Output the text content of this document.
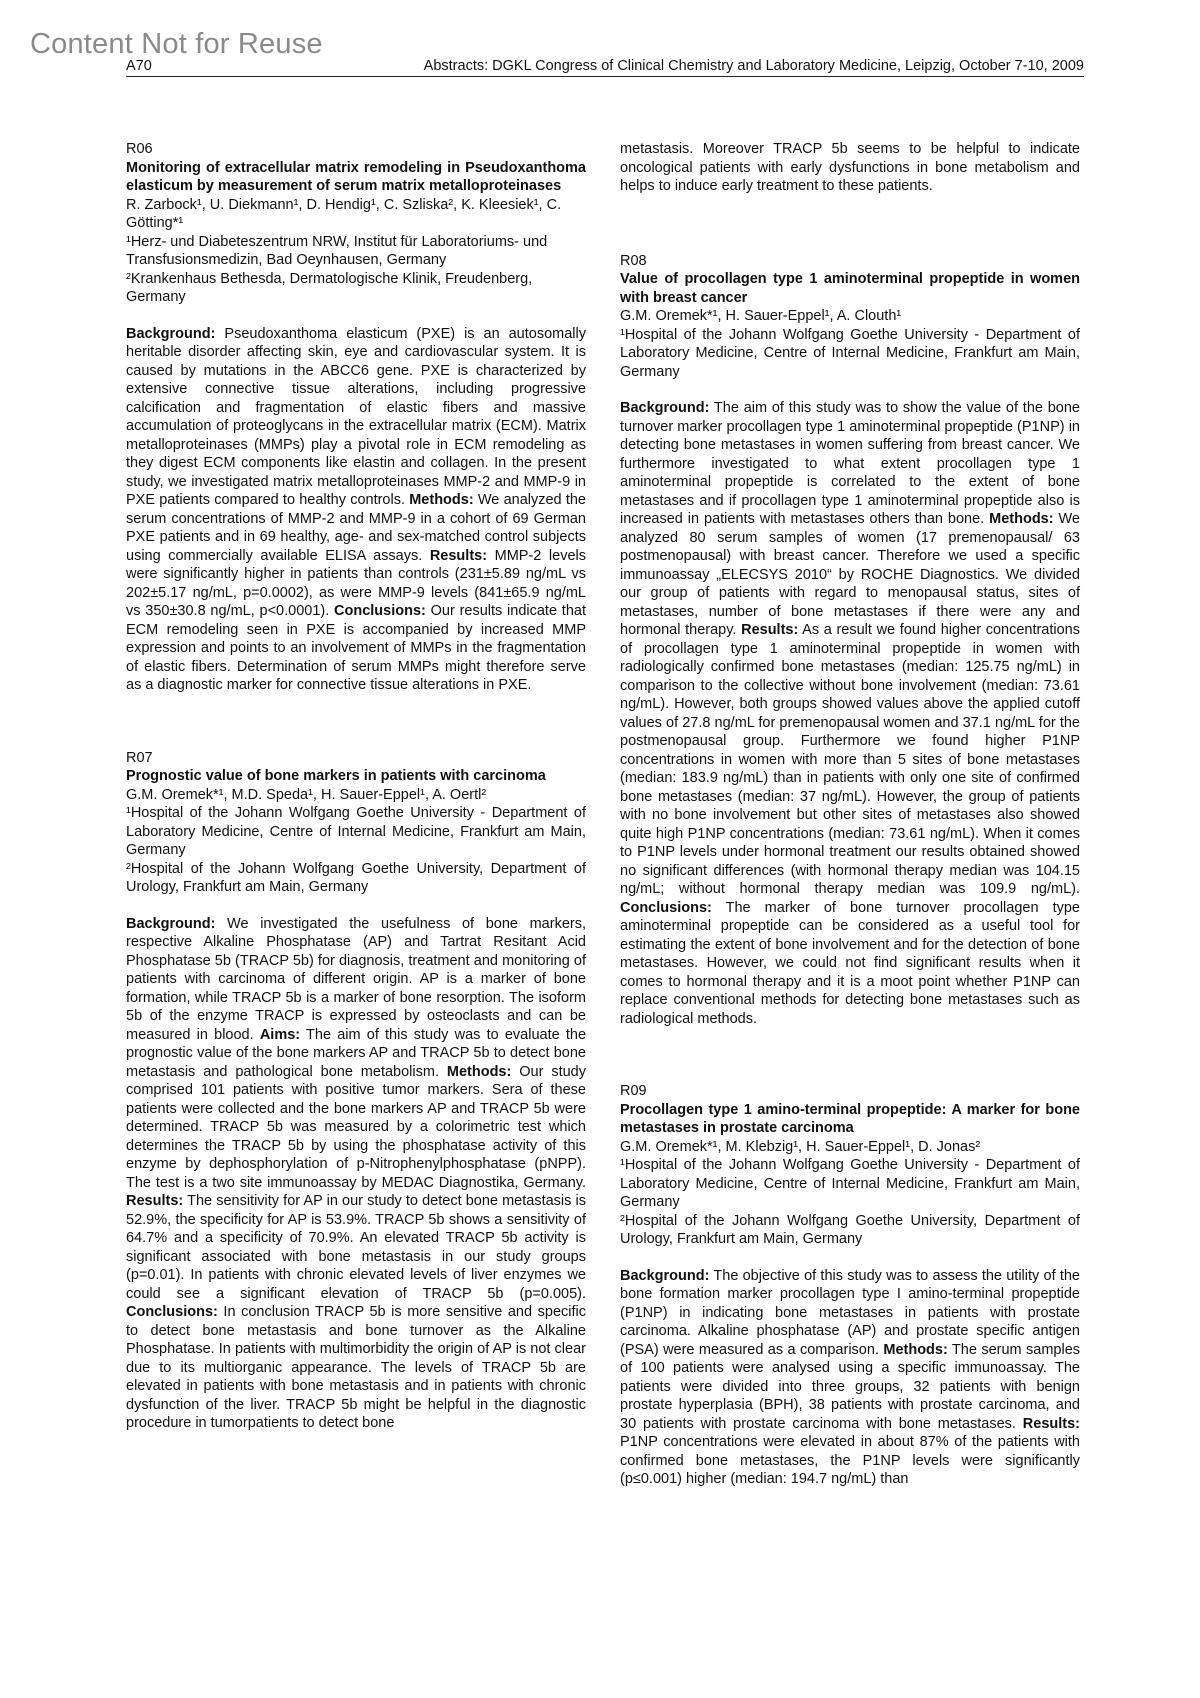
Content Not for Reuse
A70	Abstracts: DGKL Congress of Clinical Chemistry and Laboratory Medicine, Leipzig, October 7-10, 2009

R06

Monitoring of extracellular matrix remodeling in Pseudoxanthoma elasticum by measurement of serum matrix metalloproteinases

R. Zarbock¹, U. Diekmann¹, D. Hendig¹, C. Szliska², K. Kleesiek¹, C. Götting*¹

¹Herz- und Diabeteszentrum NRW, Institut für Laboratoriums- und Transfusionsmedizin, Bad Oeynhausen, Germany

²Krankenhaus Bethesda, Dermatologische Klinik, Freudenberg, Germany

Background: Pseudoxanthoma elasticum (PXE) is an autosomally heritable disorder affecting skin, eye and cardiovascular system. It is caused by mutations in the ABCC6 gene. PXE is characterized by extensive connective tissue alterations, including progressive calcification and fragmentation of elastic fibers and massive accumulation of proteoglycans in the extracellular matrix (ECM). Matrix metalloproteinases (MMPs) play a pivotal role in ECM remodeling as they digest ECM components like elastin and collagen. In the present study, we investigated matrix metalloproteinases MMP-2 and MMP-9 in PXE patients compared to healthy controls. Methods: We analyzed the serum concentrations of MMP-2 and MMP-9 in a cohort of 69 German PXE patients and in 69 healthy, age- and sex-matched control subjects using commercially available ELISA assays. Results: MMP-2 levels were significantly higher in patients than controls (231±5.89 ng/mL vs 202±5.17 ng/mL, p=0.0002), as were MMP-9 levels (841±65.9 ng/mL vs 350±30.8 ng/mL, p<0.0001). Conclusions: Our results indicate that ECM remodeling seen in PXE is accompanied by increased MMP expression and points to an involvement of MMPs in the fragmentation of elastic fibers. Determination of serum MMPs might therefore serve as a diagnostic marker for connective tissue alterations in PXE.

R07

Prognostic value of bone markers in patients with carcinoma

G.M. Oremek*¹, M.D. Speda¹, H. Sauer-Eppel¹, A. Oertl²

¹Hospital of the Johann Wolfgang Goethe University - Department of Laboratory Medicine, Centre of Internal Medicine, Frankfurt am Main, Germany

²Hospital of the Johann Wolfgang Goethe University, Department of Urology, Frankfurt am Main, Germany

Background: We investigated the usefulness of bone markers, respective Alkaline Phosphatase (AP) and Tartrat Resitant Acid Phosphatase 5b (TRACP 5b) for diagnosis, treatment and monitoring of patients with carcinoma of different origin. AP is a marker of bone formation, while TRACP 5b is a marker of bone resorption. The isoform 5b of the enzyme TRACP is expressed by osteoclasts and can be measured in blood. Aims: The aim of this study was to evaluate the prognostic value of the bone markers AP and TRACP 5b to detect bone metastasis and pathological bone metabolism. Methods: Our study comprised 101 patients with positive tumor markers. Sera of these patients were collected and the bone markers AP and TRACP 5b were determined. TRACP 5b was measured by a colorimetric test which determines the TRACP 5b by using the phosphatase activity of this enzyme by dephosphorylation of p-Nitrophenylphosphatase (pNPP). The test is a two site immunoassay by MEDAC Diagnostika, Germany. Results: The sensitivity for AP in our study to detect bone metastasis is 52.9%, the specificity for AP is 53.9%. TRACP 5b shows a sensitivity of 64.7% and a specificity of 70.9%. An elevated TRACP 5b activity is significant associated with bone metastasis in our study groups (p=0.01). In patients with chronic elevated levels of liver enzymes we could see a significant elevation of TRACP 5b (p=0.005). Conclusions: In conclusion TRACP 5b is more sensitive and specific to detect bone metastasis and bone turnover as the Alkaline Phosphatase. In patients with multimorbidity the origin of AP is not clear due to its multiorganic appearance. The levels of TRACP 5b are elevated in patients with bone metastasis and in patients with chronic dysfunction of the liver. TRACP 5b might be helpful in the diagnostic procedure in tumorpatients to detect bone

metastasis. Moreover TRACP 5b seems to be helpful to indicate oncological patients with early dysfunctions in bone metabolism and helps to induce early treatment to these patients.

R08

Value of procollagen type 1 aminoterminal propeptide in women with breast cancer

G.M. Oremek*¹, H. Sauer-Eppel¹, A. Clouth¹

¹Hospital of the Johann Wolfgang Goethe University - Department of Laboratory Medicine, Centre of Internal Medicine, Frankfurt am Main, Germany

Background: The aim of this study was to show the value of the bone turnover marker procollagen type 1 aminoterminal propeptide (P1NP) in detecting bone metastases in women suffering from breast cancer. We furthermore investigated to what extent procollagen type 1 aminoterminal propeptide is correlated to the extent of bone metastases and if procollagen type 1 aminoterminal propeptide also is increased in patients with metastases others than bone. Methods: We analyzed 80 serum samples of women (17 premenopausal/ 63 postmenopausal) with breast cancer. Therefore we used a specific immunoassay „ELECSYS 2010“ by ROCHE Diagnostics. We divided our group of patients with regard to menopausal status, sites of metastases, number of bone metastases if there were any and hormonal therapy. Results: As a result we found higher concentrations of procollagen type 1 aminoterminal propeptide in women with radiologically confirmed bone metastases (median: 125.75 ng/mL) in comparison to the collective without bone involvement (median: 73.61 ng/mL). However, both groups showed values above the applied cutoff values of 27.8 ng/mL for premenopausal women and 37.1 ng/mL for the postmenopausal group. Furthermore we found higher P1NP concentrations in women with more than 5 sites of bone metastases (median: 183.9 ng/mL) than in patients with only one site of confirmed bone metastases (median: 37 ng/mL). However, the group of patients with no bone involvement but other sites of metastases also showed quite high P1NP concentrations (median: 73.61 ng/mL). When it comes to P1NP levels under hormonal treatment our results obtained showed no significant differences (with hormonal therapy median was 104.15 ng/mL; without hormonal therapy median was 109.9 ng/mL). Conclusions: The marker of bone turnover procollagen type aminoterminal propeptide can be considered as a useful tool for estimating the extent of bone involvement and for the detection of bone metastases. However, we could not find significant results when it comes to hormonal therapy and it is a moot point whether P1NP can replace conventional methods for detecting bone metastases such as radiological methods.

R09

Procollagen type 1 amino-terminal propeptide: A marker for bone metastases in prostate carcinoma

G.M. Oremek*¹, M. Klebzig¹, H. Sauer-Eppel¹, D. Jonas²

¹Hospital of the Johann Wolfgang Goethe University - Department of Laboratory Medicine, Centre of Internal Medicine, Frankfurt am Main, Germany

²Hospital of the Johann Wolfgang Goethe University, Department of Urology, Frankfurt am Main, Germany

Background: The objective of this study was to assess the utility of the bone formation marker procollagen type I amino-terminal propeptide (P1NP) in indicating bone metastases in patients with prostate carcinoma. Alkaline phosphatase (AP) and prostate specific antigen (PSA) were measured as a comparison. Methods: The serum samples of 100 patients were analysed using a specific immunoassay. The patients were divided into three groups, 32 patients with benign prostate hyperplasia (BPH), 38 patients with prostate carcinoma, and 30 patients with prostate carcinoma with bone metastases. Results: P1NP concentrations were elevated in about 87% of the patients with confirmed bone metastases, the P1NP levels were significantly (p≤0.001) higher (median: 194.7 ng/mL) than
